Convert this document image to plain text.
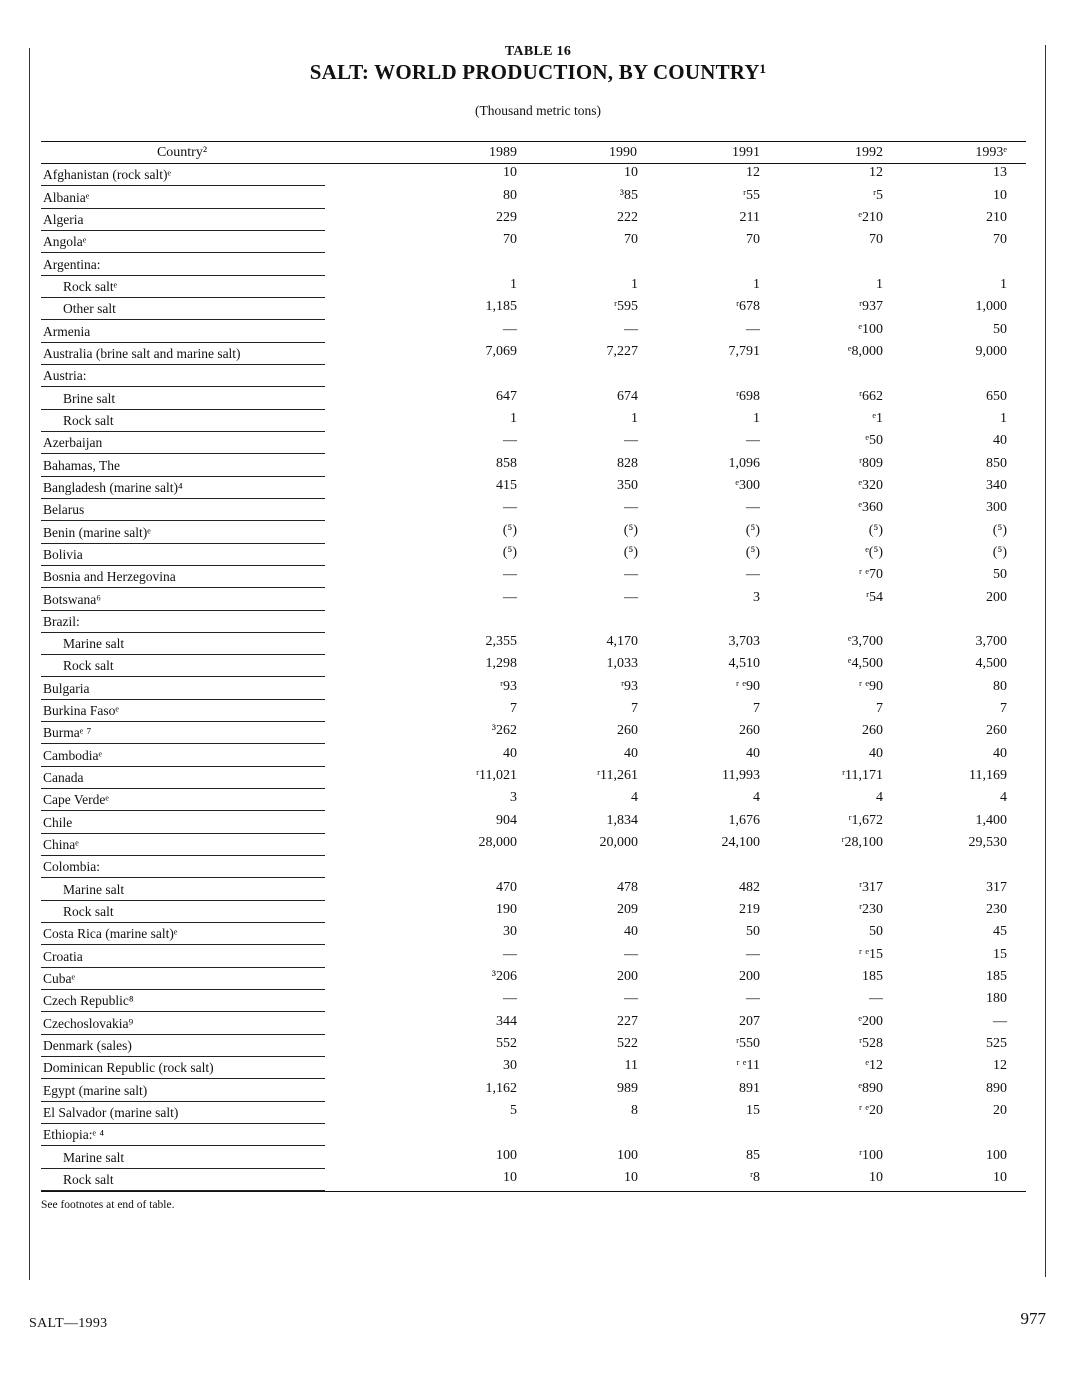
TABLE 16
SALT: WORLD PRODUCTION, BY COUNTRY¹
(Thousand metric tons)
Country²	1989	1990	1991	1992	1993ᵉ
Afghanistan (rock salt)ᵉ	10	10	12	12	13
Albaniaᵉ	80	³85	ʳ55	ʳ5	10
Algeria	229	222	211	ᵉ210	210
Angolaᵉ	70	70	70	70	70
Argentina:
Rock saltᵉ	1	1	1	1	1
Other salt	1,185	ʳ595	ʳ678	ʳ937	1,000
Armenia	—	—	—	ᵉ100	50
Australia (brine salt and marine salt)	7,069	7,227	7,791	ᵉ8,000	9,000
Austria:
Brine salt	647	674	ʳ698	ʳ662	650
Rock salt	1	1	1	ᵉ1	1
Azerbaijan	—	—	—	ᵉ50	40
Bahamas, The	858	828	1,096	ʳ809	850
Bangladesh (marine salt)⁴	415	350	ᵉ300	ᵉ320	340
Belarus	—	—	—	ᵉ360	300
Benin (marine salt)ᵉ	(⁵)	(⁵)	(⁵)	(⁵)	(⁵)
Bolivia	(⁵)	(⁵)	(⁵)	ᵉ(⁵)	(⁵)
Bosnia and Herzegovina	—	—	—	ʳ ᵉ70	50
Botswana⁶	—	—	3	ʳ54	200
Brazil:
Marine salt	2,355	4,170	3,703	ᵉ3,700	3,700
Rock salt	1,298	1,033	4,510	ᵉ4,500	4,500
Bulgaria	ʳ93	ʳ93	ʳ ᵉ90	ʳ ᵉ90	80
Burkina Fasoᵉ	7	7	7	7	7
Burmaᵉ ⁷	³262	260	260	260	260
Cambodiaᵉ	40	40	40	40	40
Canada	ʳ11,021	ʳ11,261	11,993	ʳ11,171	11,169
Cape Verdeᵉ	3	4	4	4	4
Chile	904	1,834	1,676	ʳ1,672	1,400
Chinaᵉ	28,000	20,000	24,100	ʳ28,100	29,530
Colombia:
Marine salt	470	478	482	ʳ317	317
Rock salt	190	209	219	ʳ230	230
Costa Rica (marine salt)ᵉ	30	40	50	50	45
Croatia	—	—	—	ʳ ᵉ15	15
Cubaᵉ	³206	200	200	185	185
Czech Republic⁸	—	—	—	—	180
Czechoslovakia⁹	344	227	207	ᵉ200	—
Denmark (sales)	552	522	ʳ550	ʳ528	525
Dominican Republic (rock salt)	30	11	ʳ ᵉ11	ᵉ12	12
Egypt (marine salt)	1,162	989	891	ᵉ890	890
El Salvador (marine salt)	5	8	15	ʳ ᵉ20	20
Ethiopia:ᵉ ⁴
Marine salt	100	100	85	ʳ100	100
Rock salt	10	10	ʳ8	10	10
See footnotes at end of table.
SALT—1993	977
